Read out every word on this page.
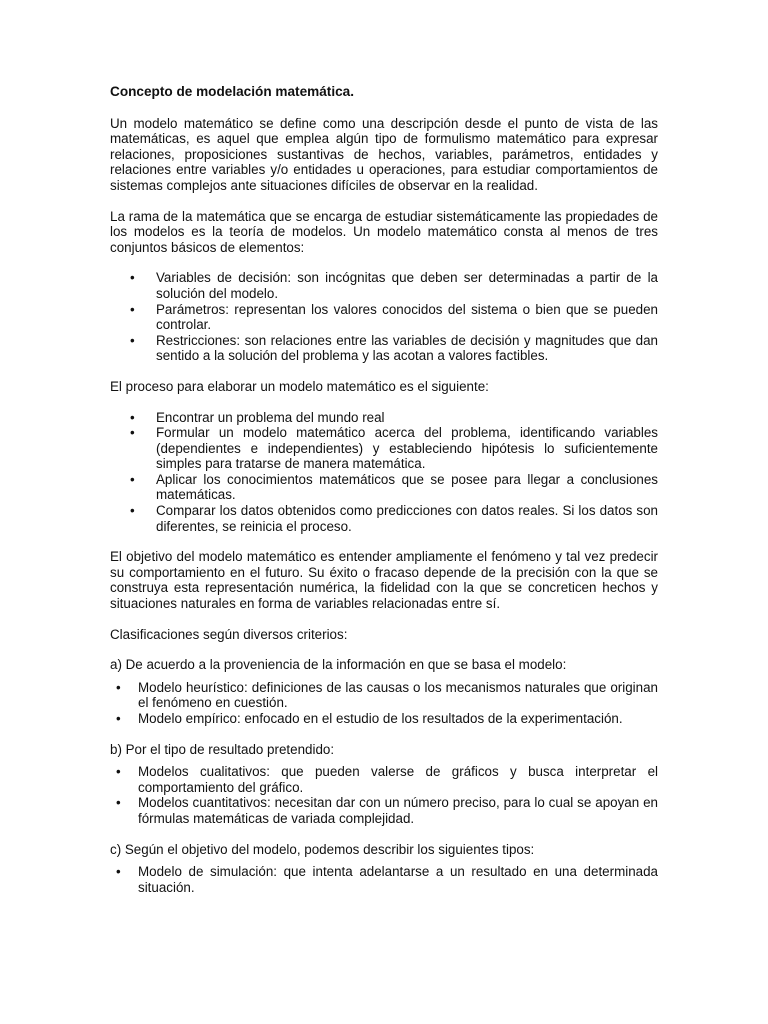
Concepto de modelación matemática.

Un modelo matemático se define como una descripción desde el punto de vista de las matemáticas, es aquel que emplea algún tipo de formulismo matemático para expresar relaciones, proposiciones sustantivas de hechos, variables, parámetros, entidades y relaciones entre variables y/o entidades u operaciones, para estudiar comportamientos de sistemas complejos ante situaciones difíciles de observar en la realidad.

La rama de la matemática que se encarga de estudiar sistemáticamente las propiedades de los modelos es la teoría de modelos. Un modelo matemático consta al menos de tres conjuntos básicos de elementos:

• Variables de decisión: son incógnitas que deben ser determinadas a partir de la solución del modelo.
• Parámetros: representan los valores conocidos del sistema o bien que se pueden controlar.
• Restricciones: son relaciones entre las variables de decisión y magnitudes que dan sentido a la solución del problema y las acotan a valores factibles.

El proceso para elaborar un modelo matemático es el siguiente:

• Encontrar un problema del mundo real
• Formular un modelo matemático acerca del problema, identificando variables (dependientes e independientes) y estableciendo hipótesis lo suficientemente simples para tratarse de manera matemática.
• Aplicar los conocimientos matemáticos que se posee para llegar a conclusiones matemáticas.
• Comparar los datos obtenidos como predicciones con datos reales. Si los datos son diferentes, se reinicia el proceso.

El objetivo del modelo matemático es entender ampliamente el fenómeno y tal vez predecir su comportamiento en el futuro. Su éxito o fracaso depende de la precisión con la que se construya esta representación numérica, la fidelidad con la que se concreticen hechos y situaciones naturales en forma de variables relacionadas entre sí.

Clasificaciones según diversos criterios:

a) De acuerdo a la proveniencia de la información en que se basa el modelo:

• Modelo heurístico: definiciones de las causas o los mecanismos naturales que originan el fenómeno en cuestión.
• Modelo empírico: enfocado en el estudio de los resultados de la experimentación.

b) Por el tipo de resultado pretendido:

• Modelos cualitativos: que pueden valerse de gráficos y busca interpretar el comportamiento del gráfico.
• Modelos cuantitativos: necesitan dar con un número preciso, para lo cual se apoyan en fórmulas matemáticas de variada complejidad.

c) Según el objetivo del modelo, podemos describir los siguientes tipos:

• Modelo de simulación: que intenta adelantarse a un resultado en una determinada situación.
